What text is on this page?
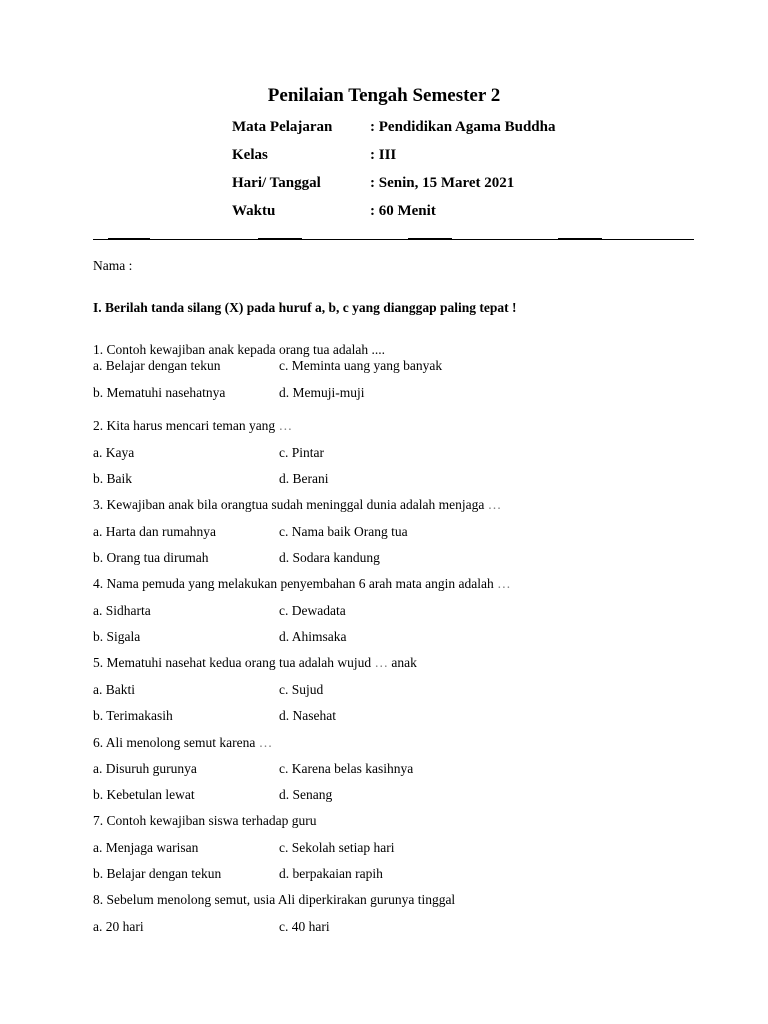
Penilaian Tengah Semester 2
Mata Pelajaran	: Pendidikan Agama Buddha
Kelas	: III
Hari/ Tanggal	: Senin, 15 Maret 2021
Waktu	: 60 Menit
Nama :
I. Berilah tanda silang (X) pada huruf a, b, c yang dianggap paling tepat !
1. Contoh kewajiban anak kepada orang tua adalah ....
a. Belajar dengan tekun	c. Meminta uang yang banyak
b. Mematuhi nasehatnya	d. Memuji-muji
2. Kita harus mencari teman yang …
a. Kaya	c. Pintar
b. Baik	d. Berani
3. Kewajiban anak bila orangtua sudah meninggal dunia adalah menjaga …
a. Harta dan rumahnya	c. Nama baik Orang tua
b. Orang tua dirumah	d. Sodara kandung
4. Nama pemuda yang melakukan penyembahan 6 arah mata angin adalah …
a. Sidharta	c. Dewadata
b. Sigala	d. Ahimsaka
5. Mematuhi nasehat kedua orang tua adalah wujud … anak
a. Bakti	c. Sujud
b. Terimakasih	d. Nasehat
6. Ali menolong semut karena …
a. Disuruh gurunya	c. Karena belas kasihnya
b. Kebetulan lewat	d. Senang
7. Contoh kewajiban siswa terhadap guru
a. Menjaga warisan	c. Sekolah setiap hari
b. Belajar dengan tekun	d. berpakaian rapih
8. Sebelum menolong semut, usia Ali diperkirakan gurunya tinggal
a. 20 hari	c. 40 hari
